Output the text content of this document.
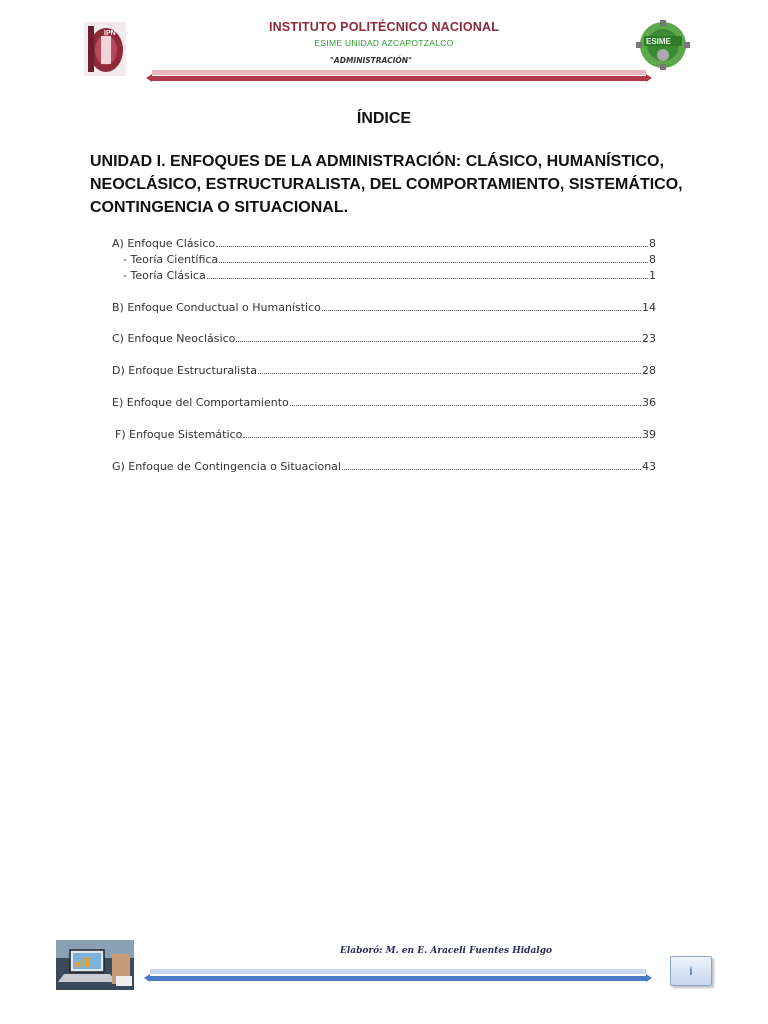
IPN	INSTITUTO POLITÉCNICO NACIONAL
ESIME UNIDAD AZCAPOTZALCO
"ADMINISTRACIÓN"
ESIME
ÍNDICE
UNIDAD I. ENFOQUES DE LA ADMINISTRACIÓN: CLÁSICO, HUMANÍSTICO, NEOCLÁSICO, ESTRUCTURALISTA, DEL COMPORTAMIENTO, SISTEMÁTICO, CONTINGENCIA O SITUACIONAL.
A) Enfoque Clásico	8
- Teoría Científica	8
- Teoría Clásica	1
B) Enfoque Conductual o Humanístico	14
C) Enfoque Neoclásico	23
D) Enfoque Estructuralista	28
E) Enfoque del Comportamiento	36
F) Enfoque Sistemático	39
G) Enfoque de Contingencia o Situacional	43
Elaboró: M. en E. Araceli Fuentes Hidalgo
i
